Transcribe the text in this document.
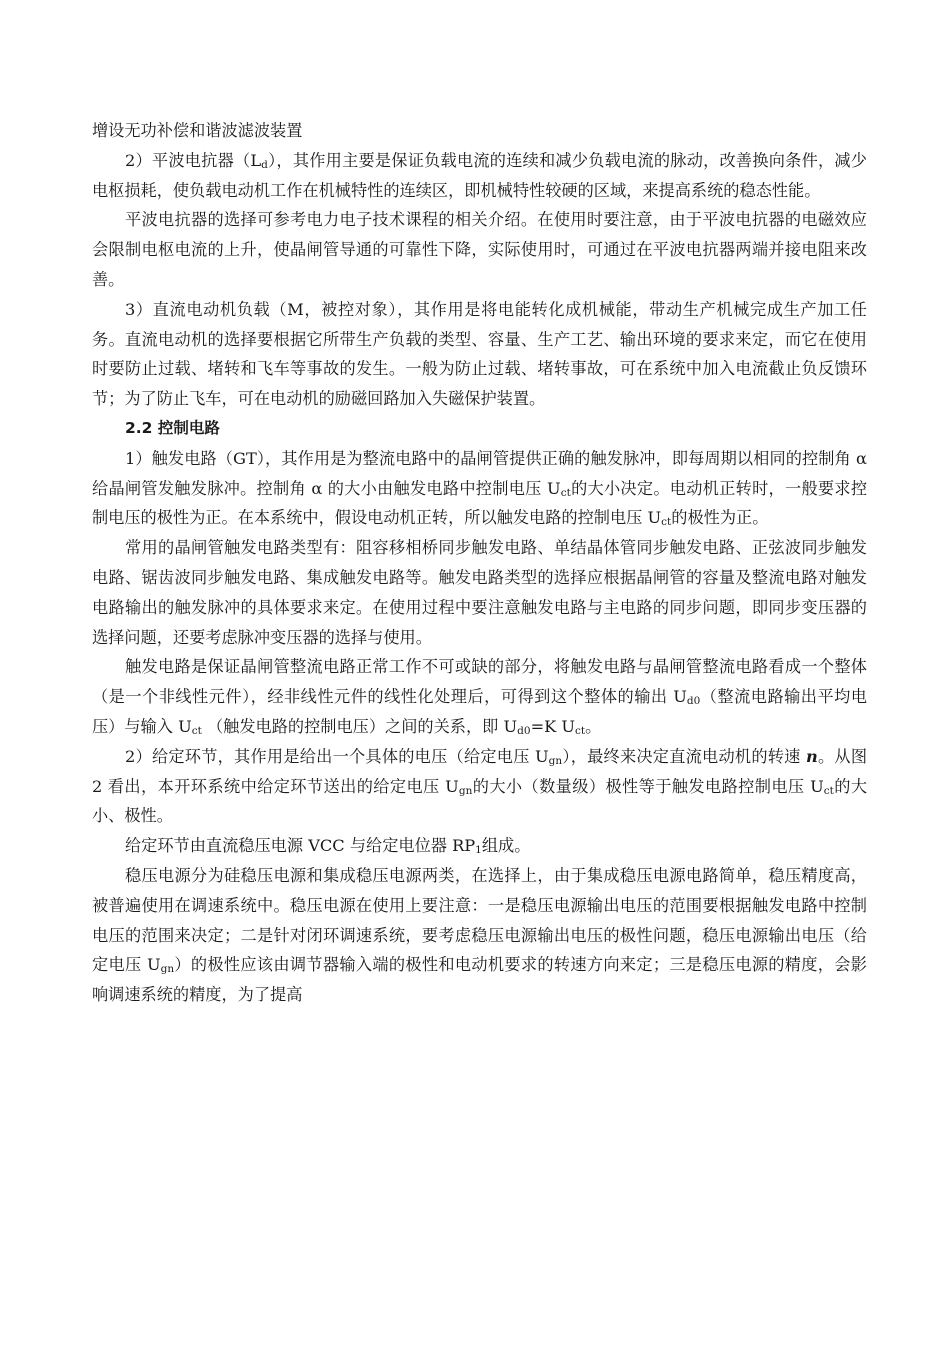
增设无功补偿和谐波滤波装置

2）平波电抗器（Ld），其作用主要是保证负载电流的连续和减少负载电流的脉动，改善换向条件，减少电枢损耗，使负载电动机工作在机械特性的连续区，即机械特性较硬的区域，来提高系统的稳态性能。

平波电抗器的选择可参考电力电子技术课程的相关介绍。在使用时要注意，由于平波电抗器的电磁效应会限制电枢电流的上升，使晶闸管导通的可靠性下降，实际使用时，可通过在平波电抗器两端并接电阻来改善。

3）直流电动机负载（M，被控对象），其作用是将电能转化成机械能，带动生产机械完成生产加工任务。直流电动机的选择要根据它所带生产负载的类型、容量、生产工艺、输出环境的要求来定，而它在使用时要防止过载、堵转和飞车等事故的发生。一般为防止过载、堵转事故，可在系统中加入电流截止负反馈环节；为了防止飞车，可在电动机的励磁回路加入失磁保护装置。

2.2 控制电路

1）触发电路（GT），其作用是为整流电路中的晶闸管提供正确的触发脉冲，即每周期以相同的控制角 α 给晶闸管发触发脉冲。控制角 α 的大小由触发电路中控制电压 Uct的大小决定。电动机正转时，一般要求控制电压的极性为正。在本系统中，假设电动机正转，所以触发电路的控制电压 Uct的极性为正。

常用的晶闸管触发电路类型有：阻容移相桥同步触发电路、单结晶体管同步触发电路、正弦波同步触发电路、锯齿波同步触发电路、集成触发电路等。触发电路类型的选择应根据晶闸管的容量及整流电路对触发电路输出的触发脉冲的具体要求来定。在使用过程中要注意触发电路与主电路的同步问题，即同步变压器的选择问题，还要考虑脉冲变压器的选择与使用。

触发电路是保证晶闸管整流电路正常工作不可或缺的部分，将触发电路与晶闸管整流电路看成一个整体（是一个非线性元件），经非线性元件的线性化处理后，可得到这个整体的输出 Ud0（整流电路输出平均电压）与输入 Uct （触发电路的控制电压）之间的关系，即 Ud0=K Uct。

2）给定环节，其作用是给出一个具体的电压（给定电压 Ugn），最终来决定直流电动机的转速 n。从图 2 看出，本开环系统中给定环节送出的给定电压 Ugn的大小（数量级）极性等于触发电路控制电压 Uct的大小、极性。

给定环节由直流稳压电源 VCC 与给定电位器 RP1组成。

稳压电源分为硅稳压电源和集成稳压电源两类，在选择上，由于集成稳压电源电路简单，稳压精度高，被普遍使用在调速系统中。稳压电源在使用上要注意：一是稳压电源输出电压的范围要根据触发电路中控制电压的范围来决定；二是针对闭环调速系统，要考虑稳压电源输出电压的极性问题，稳压电源输出电压（给定电压 Ugn）的极性应该由调节器输入端的极性和电动机要求的转速方向来定；三是稳压电源的精度，会影响调速系统的精度，为了提高
